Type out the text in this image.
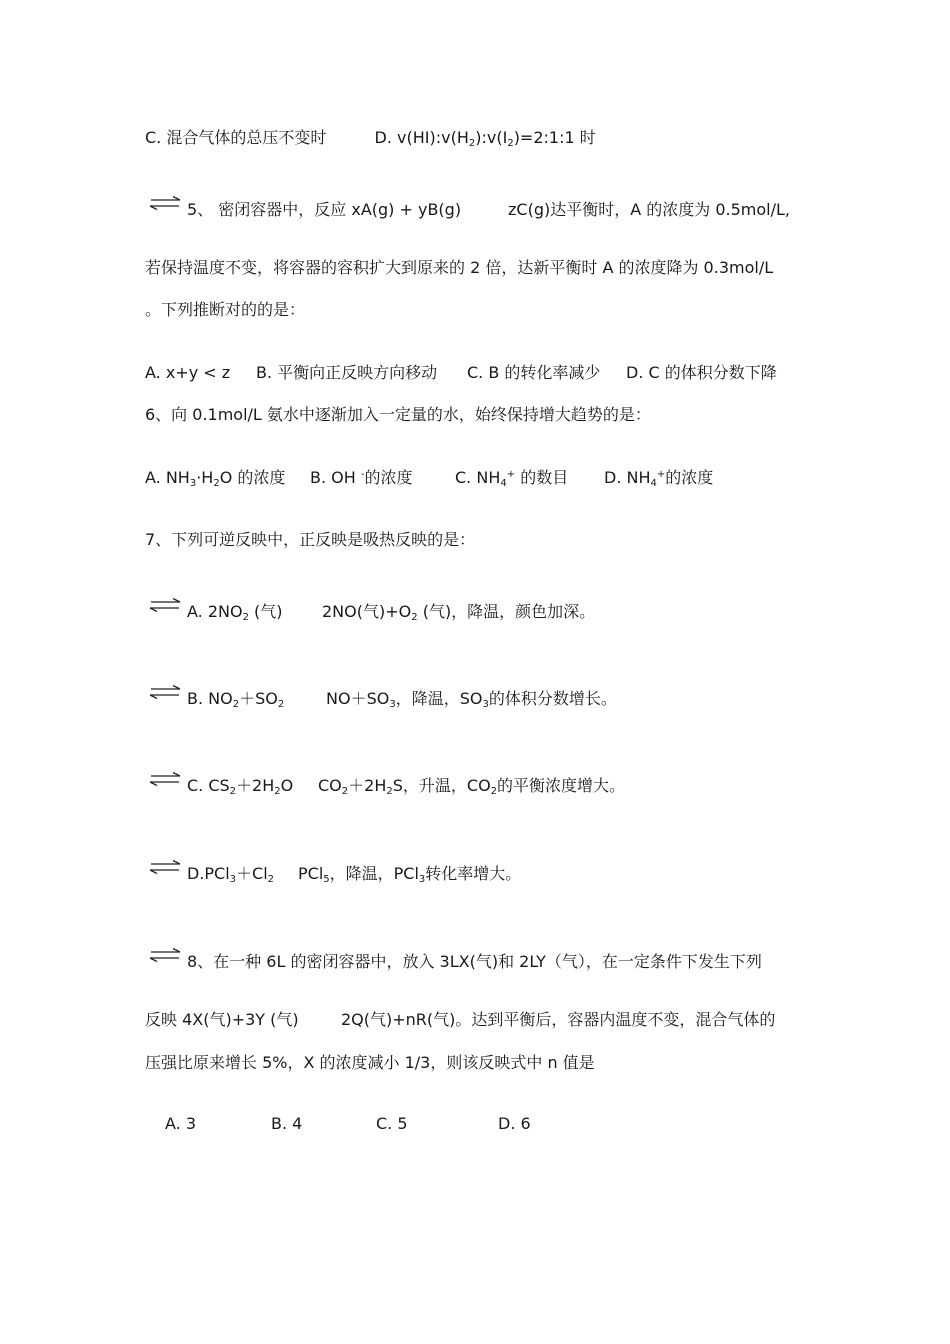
C. 混合气体的总压不变时	D. $v(HI):v(H_2):v(I_2)=2:1:1$ 时
⇌ 5、 密闭容器中，反应 xA(g) + yB(g)	zC(g)达平衡时，A 的浓度为 0.5mol/L,
若保持温度不变，将容器的容积扩大到原来的 2 倍，达新平衡时 A 的浓度降为 0.3mol/L
。下列推断对的的是：
A. x+y < z B. 平衡向正反映方向移动 C. B 的转化率减少 D. C 的体积分数下降
6、向 0.1mol/L 氨水中逐渐加入一定量的水，始终保持增大趋势的是：
A. $NH_3\cdot H_2O$ 的浓度 B. OH -的浓度	C. $NH_4^+$ 的数目 D. $NH_4^+$的浓度
7、下列可逆反映中，正反映是吸热反映的是：
⇌ A. $2NO_2$ (气) 2NO(气)$+O_2$ (气)，降温，颜色加深。
⇌ B. $NO_2+SO_2$	$NO+SO_3$，降温，$SO_3$的体积分数增长。
⇌ C. $CS_2+2H_2O$ $CO_2+2H_2S$，升温，$CO_2$的平衡浓度增大。
⇌ $D.PCl_3+Cl_2$ PCl$_5$，降温，PCl$_3$转化率增大。
⇌ 8、在一种 6L 的密闭容器中，放入 3LX(气)和 2LY（气），在一定条件下发生下列
反映 4X(气)+3Y (气)	2Q(气)+nR(气)。达到平衡后，容器内温度不变，混合气体的
压强比原来增长 5%，X 的浓度减小 1/3，则该反映式中 n 值是
A. 3	B. 4	C. 5	D. 6
